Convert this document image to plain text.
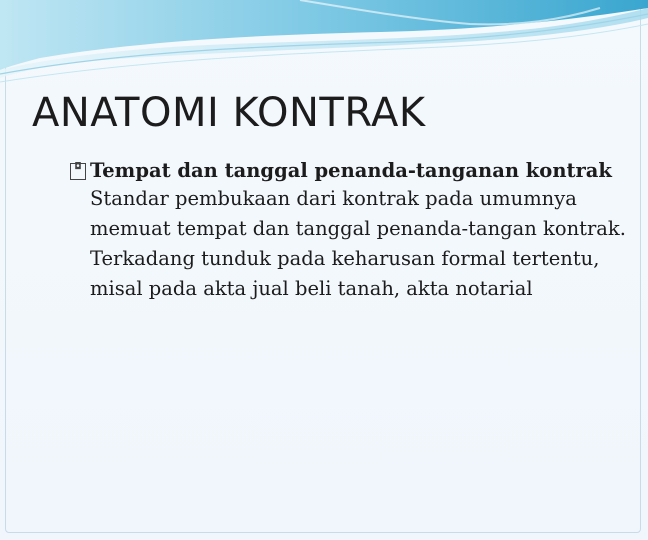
ANATOMI KONTRAK
◘ Tempat dan tanggal penanda-tanganan kontrak
Standar pembukaan dari kontrak pada umumnya memuat tempat dan tanggal penanda-tangan kontrak. Terkadang tunduk pada keharusan formal tertentu, misal pada akta jual beli tanah, akta notarial
